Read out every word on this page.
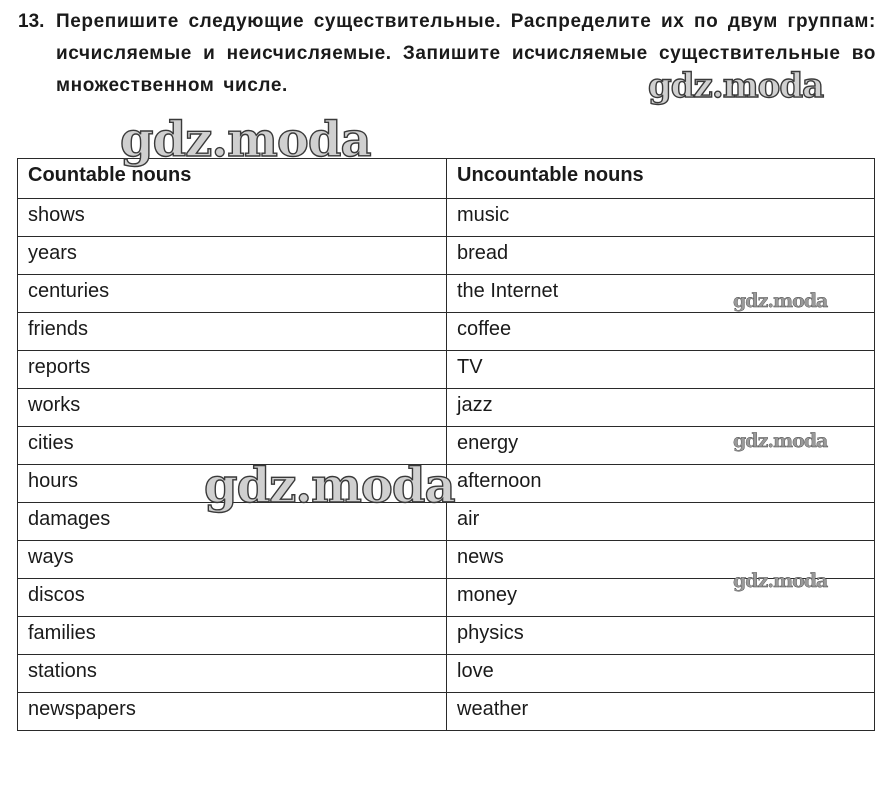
13. Перепишите следующие существительные. Распределите их по двум группам: исчисляемые и неисчисляемые. Запишите исчисляемые существительные во множественном числе.
Countable nouns	Uncountable nouns
shows	music
years	bread
centuries	the Internet
friends	coffee
reports	TV
works	jazz
cities	energy
hours	afternoon
damages	air
ways	news
discos	money
families	physics
stations	love
newspapers	weather
gdz.moda
gdz.moda
gdz.moda
gdz.moda
gdz.moda
gdz.moda
